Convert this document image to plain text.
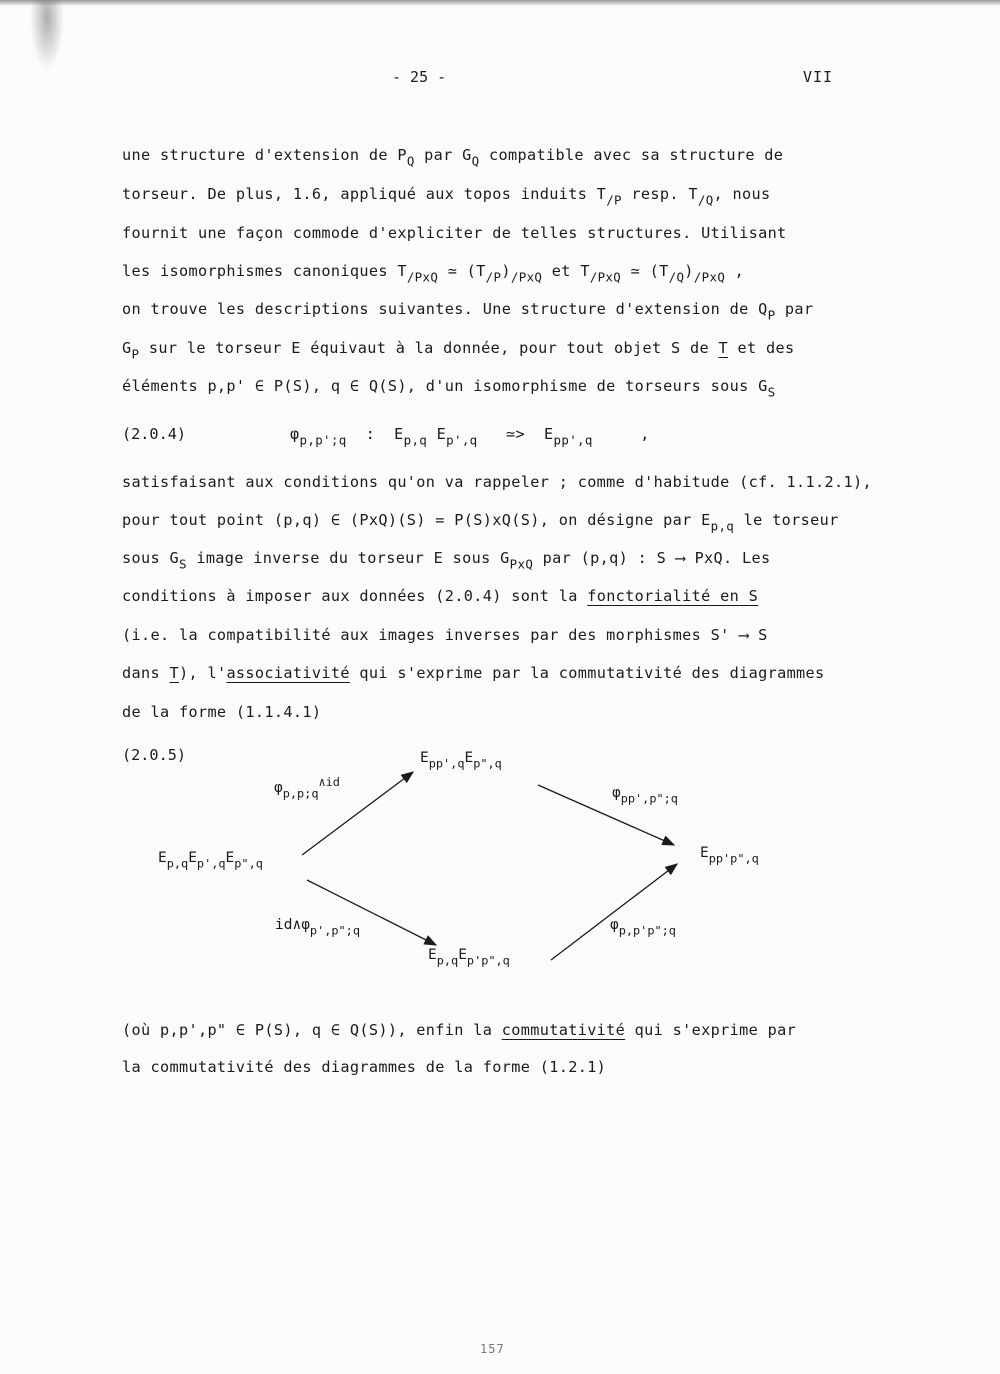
- 25 -	VII
une structure d'extension de $P_Q$ par $G_Q$ compatible avec sa structure de
torseur. De plus, 1.6, appliqué aux topos induits $T_{/P}$ resp. $T_{/Q}$, nous
fournit une façon commode d'expliciter de telles structures. Utilisant
les isomorphismes canoniques $T_{/PxQ}$ ≃ $(T_{/P})_{/PxQ}$ et $T_{/PxQ}$ ≃ $(T_{/Q})_{/PxQ}$ ,
on trouve les descriptions suivantes. Une structure d'extension de $Q_P$ par
$G_P$ sur le torseur E équivaut à la donnée, pour tout objet S de T et des
éléments p,p' ∈ P(S), q ∈ Q(S), d'un isomorphisme de torseurs sous $G_S$
(2.0.4)	$\varphi_{p,p';q}$ : $E_{p,q}$ $E_{p',q}$ ≃> $E_{pp',q}$	,
satisfaisant aux conditions qu'on va rappeler ; comme d'habitude (cf. 1.1.2.1),
pour tout point (p,q) ∈ (PxQ)(S) = P(S)xQ(S), on désigne par $E_{p,q}$ le torseur
sous $G_S$ image inverse du torseur E sous $G_{PxQ}$ par (p,q) : S ⟶ PxQ. Les
conditions à imposer aux données (2.0.4) sont la fonctorialité en S
(i.e. la compatibilité aux images inverses par des morphismes S' ⟶ S
dans T), l'associativité qui s'exprime par la commutativité des diagrammes
de la forme (1.1.4.1)
(2.0.5)	$E_{pp',q}E_{p",q}$
$\varphi_{p,p;q}^{\wedge id}$
$\varphi_{pp',p";q}$
$E_{p,q}E_{p',q}E_{p",q}$
$E_{pp'p",q}$
$id\wedge\varphi_{p',p";q}$	$\varphi_{p,p'p";q}$
$E_{p,q}E_{p'p",q}$
(où p,p',p" ∈ P(S), q ∈ Q(S)), enfin la commutativité qui s'exprime par
la commutativité des diagrammes de la forme (1.2.1)
157
